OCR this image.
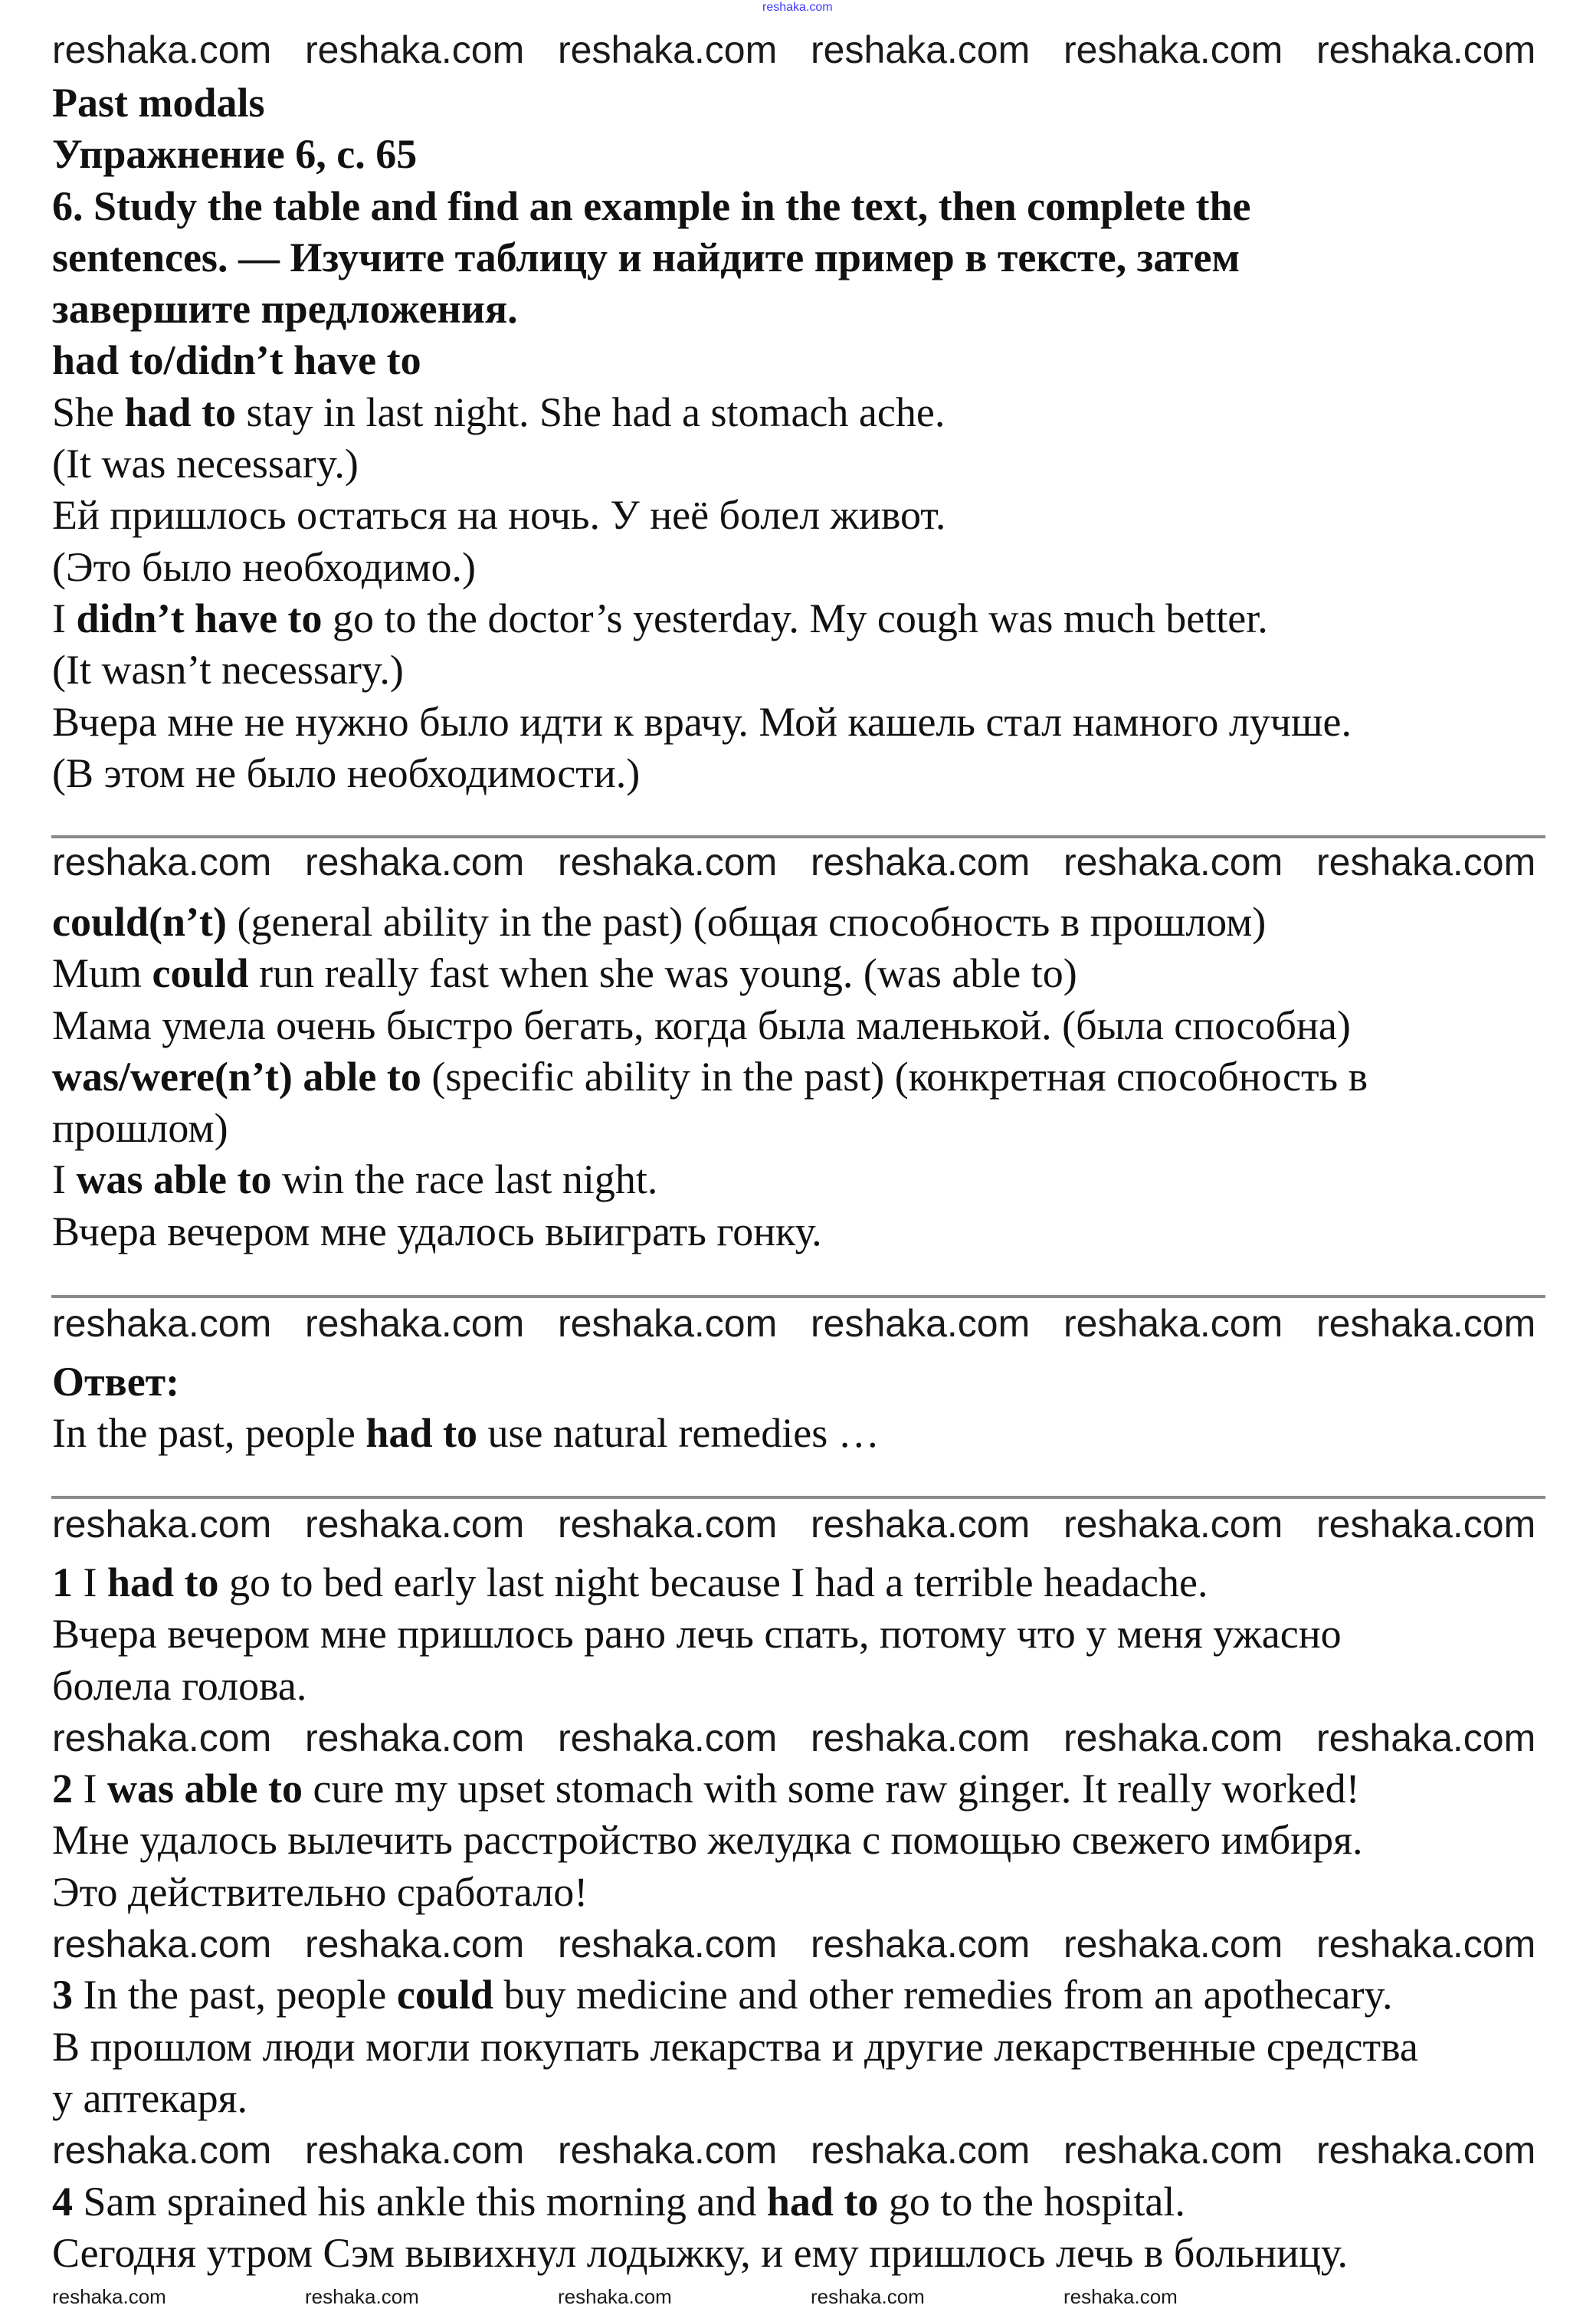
reshaka.com
Past modals
Упражнение 6, с. 65
6. Study the table and find an example in the text, then complete the
sentences. — Изучите таблицу и найдите пример в тексте, затем
завершите предложения.
had to/didn’t have to
She had to stay in last night. She had a stomach ache.
(It was necessary.)
Ей пришлось остаться на ночь. У неё болел живот.
(Это было необходимо.)
I didn’t have to go to the doctor’s yesterday. My cough was much better.
(It wasn’t necessary.)
Вчера мне не нужно было идти к врачу. Мой кашель стал намного лучше.
(В этом не было необходимости.)
could(n’t) (general ability in the past) (общая способность в прошлом)
Mum could run really fast when she was young. (was able to)
Мама умела очень быстро бегать, когда была маленькой. (была способна)
was/were(n’t) able to (specific ability in the past) (конкретная способность в
прошлом)
I was able to win the race last night.
Вчера вечером мне удалось выиграть гонку.
Ответ:
In the past, people had to use natural remedies …
1 I had to go to bed early last night because I had a terrible headache.
Вчера вечером мне пришлось рано лечь спать, потому что у меня ужасно
болела голова.
2 I was able to cure my upset stomach with some raw ginger. It really worked!
Мне удалось вылечить расстройство желудка с помощью свежего имбиря.
Это действительно сработало!
3 In the past, people could buy medicine and other remedies from an apothecary.
В прошлом люди могли покупать лекарства и другие лекарственные средства
у аптекаря.
4 Sam sprained his ankle this morning and had to go to the hospital.
Сегодня утром Сэм вывихнул лодыжку, и ему пришлось лечь в больницу.
reshaka.com reshaka.com reshaka.com reshaka.com reshaka.com reshaka.com
reshaka.com reshaka.com reshaka.com reshaka.com reshaka.com reshaka.com
reshaka.com reshaka.com reshaka.com reshaka.com reshaka.com reshaka.com
reshaka.com reshaka.com reshaka.com reshaka.com reshaka.com reshaka.com
reshaka.com reshaka.com reshaka.com reshaka.com reshaka.com reshaka.com
reshaka.com reshaka.com reshaka.com reshaka.com reshaka.com reshaka.com
reshaka.com reshaka.com reshaka.com reshaka.com reshaka.com reshaka.com
reshaka.com	reshaka.com	reshaka.com	reshaka.com	reshaka.com
